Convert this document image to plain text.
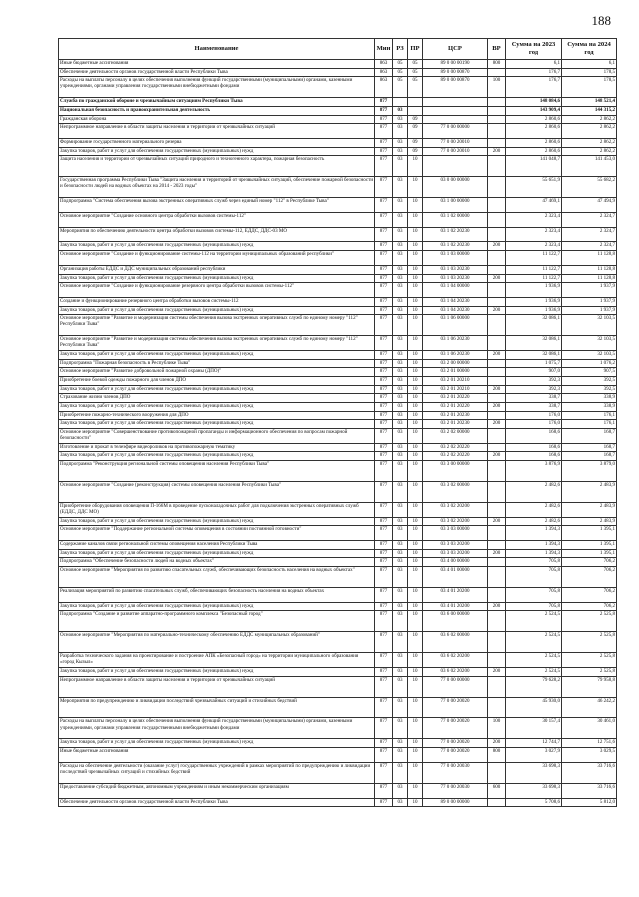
188
Наименование	Мин	РЗ	ПР	ЦСР	ВР	Сумма на 2023 год	Сумма на 2024 год
Иные бюджетные ассигнования	863	05	05	89 0 00 00190	800	6,1	6,1
Обеспечение деятельности органов государственной власти Республики Тыва	863	05	05	89 0 00 00870		176,7	178,5
Расходы на выплаты персоналу в целях обеспечения выполнения функций государственными (муниципальными) органами, казенными учреждениями, органами управления государственными внебюджетными фондами	863	05	05	89 0 00 00870	100	176,7	178,5
Служба по гражданской обороне и чрезвычайным ситуациям Республики Тыва	877					148 084,6	148 521,4
Национальная безопасность и правоохранительная деятельность	877	03				143 909,4	144 315,2
Гражданская оборона	877	03	09			2 860,6	2 862,2
Непрограммное направление в области защиты населения и территории от чрезвычайных ситуаций	877	03	09	77 0 00 00000		2 860,6	2 862,2
Формирование государственного материального резерва	877	03	09	77 0 00 20010		2 860,6	2 862,2
Закупка товаров, работ и услуг для обеспечения государственных (муниципальных) нужд	877	03	09	77 0 00 20010	200	2 860,6	2 862,2
Защита населения и территории от чрезвычайных ситуаций природного и техногенного характера, пожарная безопасность	877	03	10			141 048,7	141 453,0
Государственная программа Республики Тыва "Защита населения и территорий от чрезвычайных ситуаций, обеспечение пожарной безопасности и безопасности людей на водных объектах на 2014 - 2023 годы"	877	03	10	03 0 00 00000		55 651,9	55 682,2
Подпрограмма "Система обеспечения вызова экстренных оперативных служб через единый номер "112" в Республике Тыва"	877	03	10	03 1 00 00000		47 469,1	47 494,9
Основное мероприятие "Создание основного центра обработки вызовов системы-112"	877	03	10	03 1 02 00000		2 323,4	2 324,7
Мероприятия по обеспечению деятельности центра обработки вызовов системы-112, ЕДДС, ДДС-03 МО	877	03	10	03 1 02 20230		2 323,4	2 324,7
Закупка товаров, работ и услуг для обеспечения государственных (муниципальных) нужд	877	03	10	03 1 02 20230	200	2 323,4	2 324,7
Основное мероприятие "Создание и функционирование системы-112 на территории муниципальных образований республики"	877	03	10	03 1 03 00000		11 122,7	11 128,8
Организация работы ЕДДС и ДДС муниципальных образований республики	877	03	10	03 1 03 20230		11 122,7	11 128,8
Закупка товаров, работ и услуг для обеспечения государственных (муниципальных) нужд	877	03	10	03 1 03 20230	200	11 122,7	11 128,8
Основное мероприятие "Создание и функционирование резервного центра обработки вызовов системы-112"	877	03	10	03 1 04 00000		1 936,9	1 937,9
Создание и функционирование резервного центра обработки вызовов системы-112	877	03	10	03 1 04 20230		1 936,9	1 937,9
Закупка товаров, работ и услуг для обеспечения государственных (муниципальных) нужд	877	03	10	03 1 04 20230	200	1 936,9	1 937,9
Основное мероприятие "Развитие и модернизация системы обеспечения вызова экстренных оперативных служб по единому номеру "112" Республики Тыва"	877	03	10	03 1 06 00000		32 086,1	32 103,5
Основное мероприятие "Развитие и модернизация системы обеспечения вызова экстренных оперативных служб по единому номеру "112" Республики Тыва"	877	03	10	03 1 06 20230		32 086,1	32 103,5
Закупка товаров, работ и услуг для обеспечения государственных (муниципальных) нужд	877	03	10	03 1 06 20230	200	32 086,1	32 103,5
Подпрограмма "Пожарная безопасность в Республике Тыва"	877	03	10	03 2 00 00000		1 075,7	1 076,2
Основное мероприятие "Развитие добровольной пожарной охраны (ДПО)"	877	03	10	03 2 01 00000		907,0	907,5
Приобретение боевой одежды пожарного для членов ДПО	877	03	10	03 2 01 20210		392,3	392,5
Закупка товаров, работ и услуг для обеспечения государственных (муниципальных) нужд	877	03	10	03 2 01 20210	200	392,3	392,5
Страхование жизни членов ДПО	877	03	10	03 2 01 20220		338,7	338,9
Закупка товаров, работ и услуг для обеспечения государственных (муниципальных) нужд	877	03	10	03 2 01 20220	200	338,7	338,9
Приобретение пожарно-технического вооружения для ДПО	877	03	10	03 2 01 20230		176,0	176,1
Закупка товаров, работ и услуг для обеспечения государственных (муниципальных) нужд	877	03	10	03 2 01 20230	200	176,0	176,1
Основное мероприятие "Совершенствование противопожарной пропаганды и информационного обеспечения по вопросам пожарной безопасности"	877	03	10	03 2 02 00000		168,6	168,7
Изготовление и прокат в телеэфире видеороликов на противопожарную тематику	877	03	10	03 2 02 20220		168,6	168,7
Закупка товаров, работ и услуг для обеспечения государственных (муниципальных) нужд	877	03	10	03 2 02 20220	200	168,6	168,7
Подпрограмма "Реконструкция региональной системы оповещения населения Республики Тыва"	877	03	10	03 3 00 00000		3 876,9	3 879,0
Основное мероприятие "Создание (реконструкция) системы оповещения населения Республики Тыва"	877	03	10	03 3 02 00000		2 482,6	2 483,9
Приобретение оборудования оповещения П-166М в проведение пусконаладочных работ для подключения экстренных оперативных служб (ЕДДС, ДДС МО)	877	03	10	03 3 02 20200		2 482,6	2 483,9
Закупка товаров, работ и услуг для обеспечения государственных (муниципальных) нужд	877	03	10	03 3 02 20200	200	2 482,6	2 483,9
Основное мероприятие "Поддержание региональной системы оповещения в состоянии постоянной готовности"	877	03	10	03 3 03 00000		1 394,3	1 395,1
Содержание каналов связи региональной системы оповещения населения Республики Тыва	877	03	10	03 3 03 20200		1 394,3	1 395,1
Закупка товаров, работ и услуг для обеспечения государственных (муниципальных) нужд	877	03	10	03 3 03 20200	200	1 394,3	1 395,1
Подпрограмма "Обеспечение безопасности людей на водных объектах"	877	03	10	03 4 00 00000		705,8	706,2
Основное мероприятие "Мероприятия по развитию спасательных служб, обеспечивающих безопасность населения на водных объектах"	877	03	10	03 4 01 00000		705,8	706,2
Реализация мероприятий по развитию спасательных служб, обеспечивающих безопасность населения на водных объектах	877	03	10	03 4 01 20200		705,8	706,2
Закупка товаров, работ и услуг для обеспечения государственных (муниципальных) нужд	877	03	10	03 4 01 20200	200	705,8	706,2
Подпрограмма "Создание и развитие аппаратно-программного комплекса "Безопасный город"	877	03	10	03 6 00 00000		2 524,5	2 525,8
Основное мероприятие "Мероприятия по материально-техническому обеспечению ЕДДС муниципальных образований"	877	03	10	03 6 02 00000		2 524,5	2 525,8
Разработка технического задания на проектирование и построение АПК «Безопасный город» на территории муниципального образования «город Кызыл»	877	03	10	03 6 02 20200		2 524,5	2 525,8
Закупка товаров, работ и услуг для обеспечения государственных (муниципальных) нужд	877	03	10	03 6 02 20200	200	2 524,5	2 525,8
Непрограммное направление в области защиты населения и территории от чрезвычайных ситуаций	877	03	10	77 0 00 00000		79 628,2	79 958,8
Мероприятия по предупреждению и ликвидации последствий чрезвычайных ситуаций и стихийных бедствий	877	03	10	77 0 00 20020		45 930,0	46 242,2
Расходы на выплаты персоналу в целях обеспечения выполнения функций государственными (муниципальными) органами, казенными учреждениями, органами управления государственными внебюджетными фондами	877	03	10	77 0 00 20020	100	30 157,4	30 461,0
Закупка товаров, работ и услуг для обеспечения государственных (муниципальных) нужд	877	03	10	77 0 00 20020	200	12 744,7	12 751,6
Иные бюджетные ассигнования	877	03	10	77 0 00 20020	800	3 027,9	3 029,5
Расходы на обеспечение деятельности (оказание услуг) государственных учреждений в рамках мероприятий по предупреждению и ликвидации последствий чрезвычайных ситуаций и стихийных бедствий	877	03	10	77 0 00 20030		33 698,3	33 716,6
Предоставление субсидий бюджетным, автономным учреждениям и иным некоммерческим организациям	877	03	10	77 0 00 20030	600	33 698,3	33 716,6
Обеспечение деятельности органов государственной власти Республики Тыва	877	03	10	89 0 00 00000		5 708,6	5 812,0
